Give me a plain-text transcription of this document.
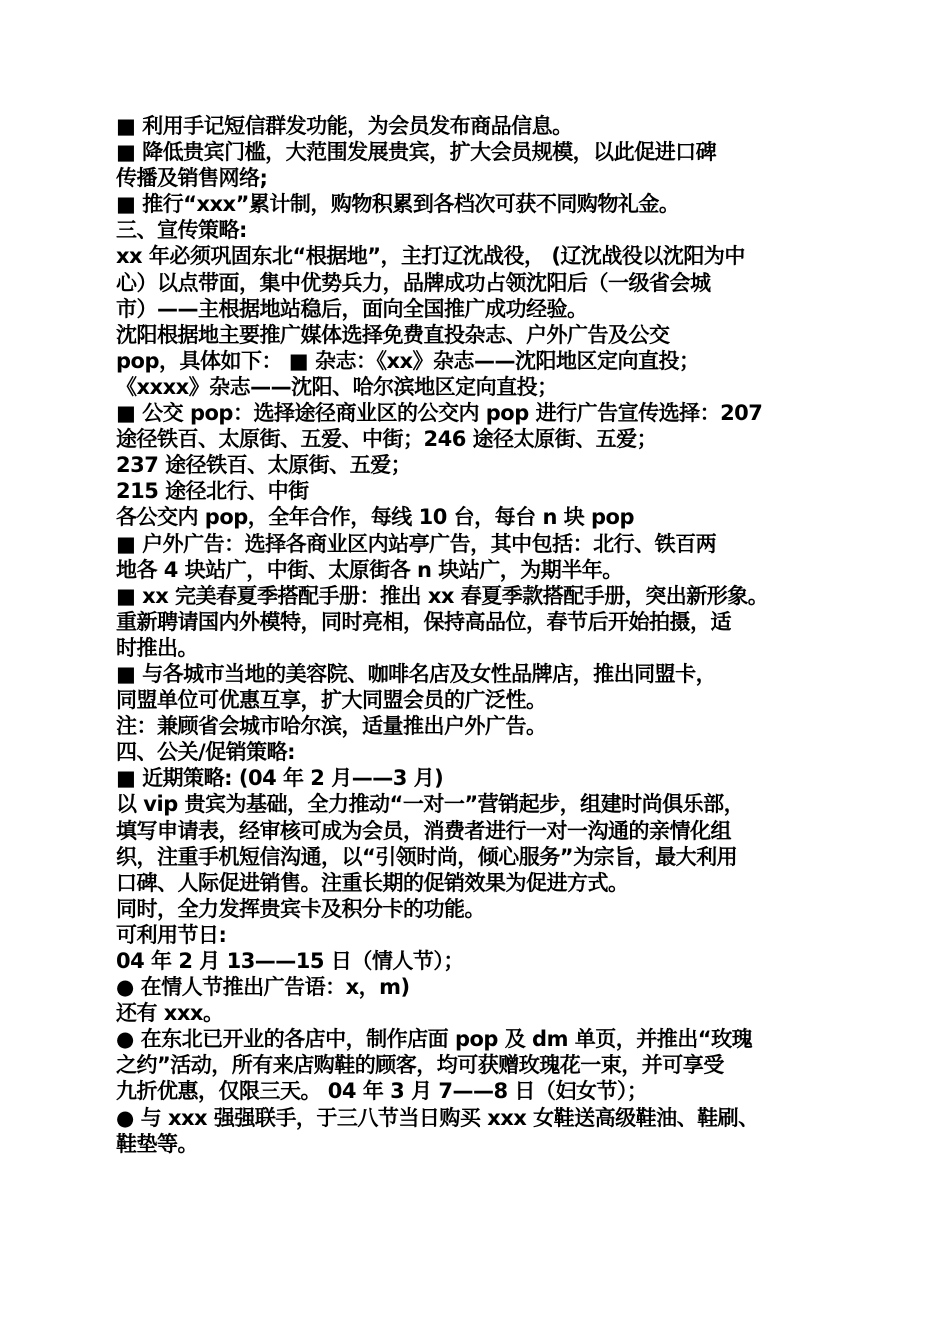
■ 利用手记短信群发功能，为会员发布商品信息。
■ 降低贵宾门槛，大范围发展贵宾，扩大会员规模，以此促进口碑
传播及销售网络;
■ 推行“xxx”累计制，购物积累到各档次可获不同购物礼金。
三、宣传策略:
xx 年必须巩固东北“根据地”，主打辽沈战役， (辽沈战役以沈阳为中
心）以点带面，集中优势兵力，品牌成功占领沈阳后（一级省会城
市）——主根据地站稳后，面向全国推广成功经验。
沈阳根据地主要推广媒体选择免费直投杂志、户外广告及公交
pop，具体如下： ■ 杂志：《xx》杂志——沈阳地区定向直投；
《xxxx》杂志——沈阳、哈尔滨地区定向直投；
■ 公交 pop：选择途径商业区的公交内 pop 进行广告宣传选择：207
途径铁百、太原街、五爱、中街；246 途径太原街、五爱；
237 途径铁百、太原街、五爱；
215 途径北行、中街
各公交内 pop，全年合作，每线 10 台，每台 n 块 pop
■ 户外广告：选择各商业区内站亭广告，其中包括：北行、铁百两
地各 4 块站广，中街、太原街各 n 块站广，为期半年。
■ xx 完美春夏季搭配手册：推出 xx 春夏季款搭配手册，突出新形象。
重新聘请国内外模特，同时亮相，保持高品位，春节后开始拍摄，适
时推出。
■ 与各城市当地的美容院、咖啡名店及女性品牌店，推出同盟卡，
同盟单位可优惠互享，扩大同盟会员的广泛性。
注：兼顾省会城市哈尔滨，适量推出户外广告。
四、公关/促销策略:
■ 近期策略: (04 年 2 月——3 月)
以 vip 贵宾为基础，全力推动“一对一”营销起步，组建时尚俱乐部，
填写申请表，经审核可成为会员，消费者进行一对一沟通的亲情化组
织，注重手机短信沟通，以“引领时尚，倾心服务”为宗旨，最大利用
口碑、人际促进销售。注重长期的促销效果为促进方式。
同时，全力发挥贵宾卡及积分卡的功能。
可利用节日:
04 年 2 月 13——15 日（情人节）；
● 在情人节推出广告语：x，m)
还有 xxx。
● 在东北已开业的各店中，制作店面 pop 及 dm 单页，并推出“玫瑰
之约”活动，所有来店购鞋的顾客，均可获赠玫瑰花一束，并可享受
九折优惠，仅限三天。 04 年 3 月 7——8 日（妇女节）；
● 与 xxx 强强联手，于三八节当日购买 xxx 女鞋送高级鞋油、鞋刷、
鞋垫等。
